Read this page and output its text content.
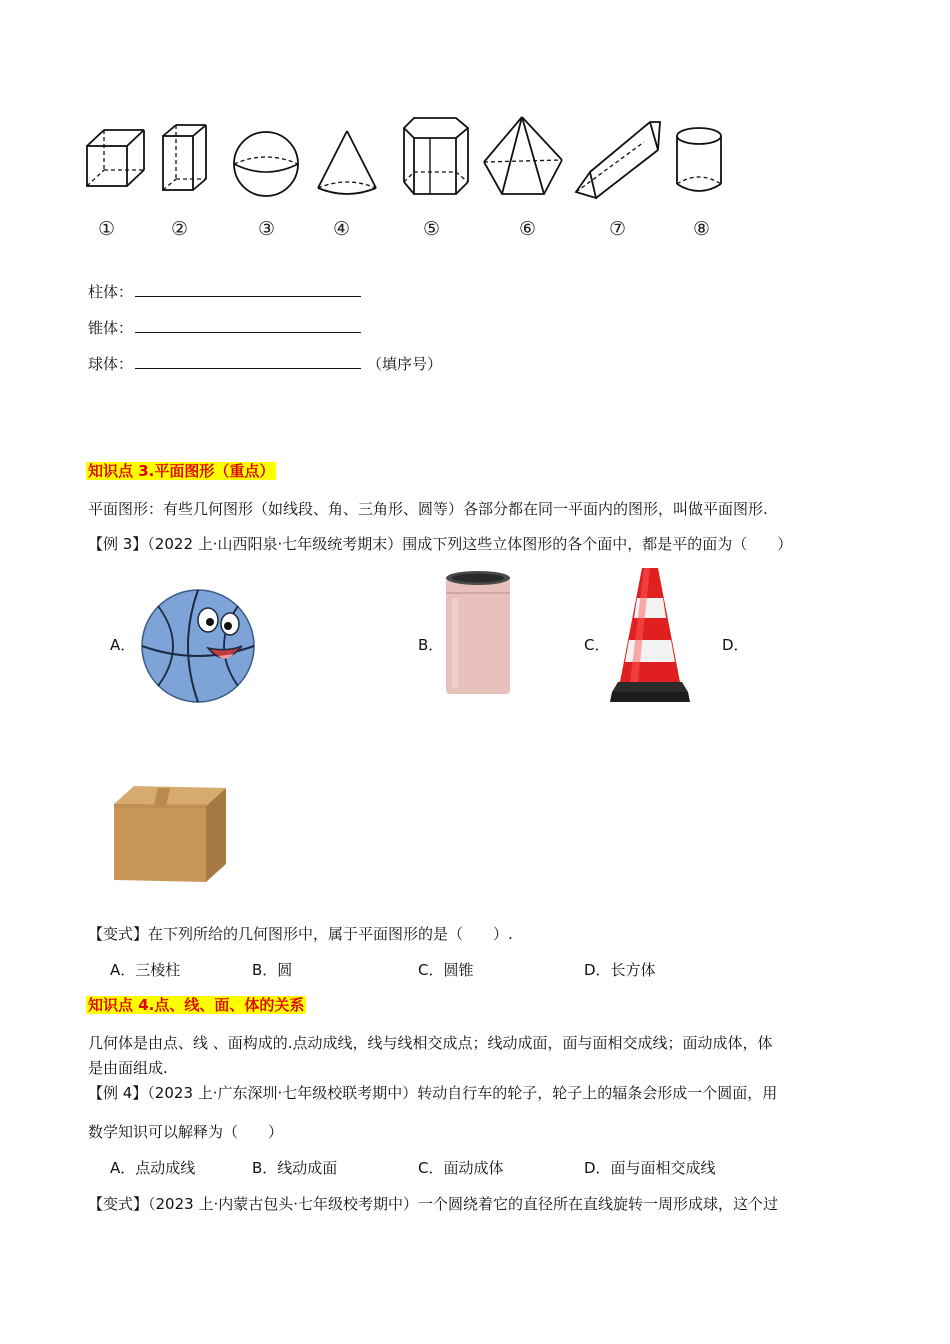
①	②	③	④	⑤	⑥	⑦	⑧
柱体：
锥体：
球体：	（填序号）
知识点 3.平面图形（重点）
平面图形：有些几何图形（如线段、角、三角形、圆等）各部分都在同一平面内的图形，叫做平面图形.
【例 3】（2022 上·山西阳泉·七年级统考期末）围成下列这些立体图形的各个面中，都是平的面为（　　）
A．	B．	C．	D．
【变式】在下列所给的几何图形中，属于平面图形的是（　　）.
A．三棱柱	B．圆	C．圆锥	D．长方体
知识点 4.点、线、面、体的关系
几何体是由点、线 、面构成的.点动成线，线与线相交成点；线动成面，面与面相交成线；面动成体，体
是由面组成.
【例 4】（2023 上·广东深圳·七年级校联考期中）转动自行车的轮子，轮子上的辐条会形成一个圆面，用
数学知识可以解释为（　　）
A．点动成线	B．线动成面	C．面动成体	D．面与面相交成线
【变式】（2023 上·内蒙古包头·七年级校考期中）一个圆绕着它的直径所在直线旋转一周形成球，这个过
